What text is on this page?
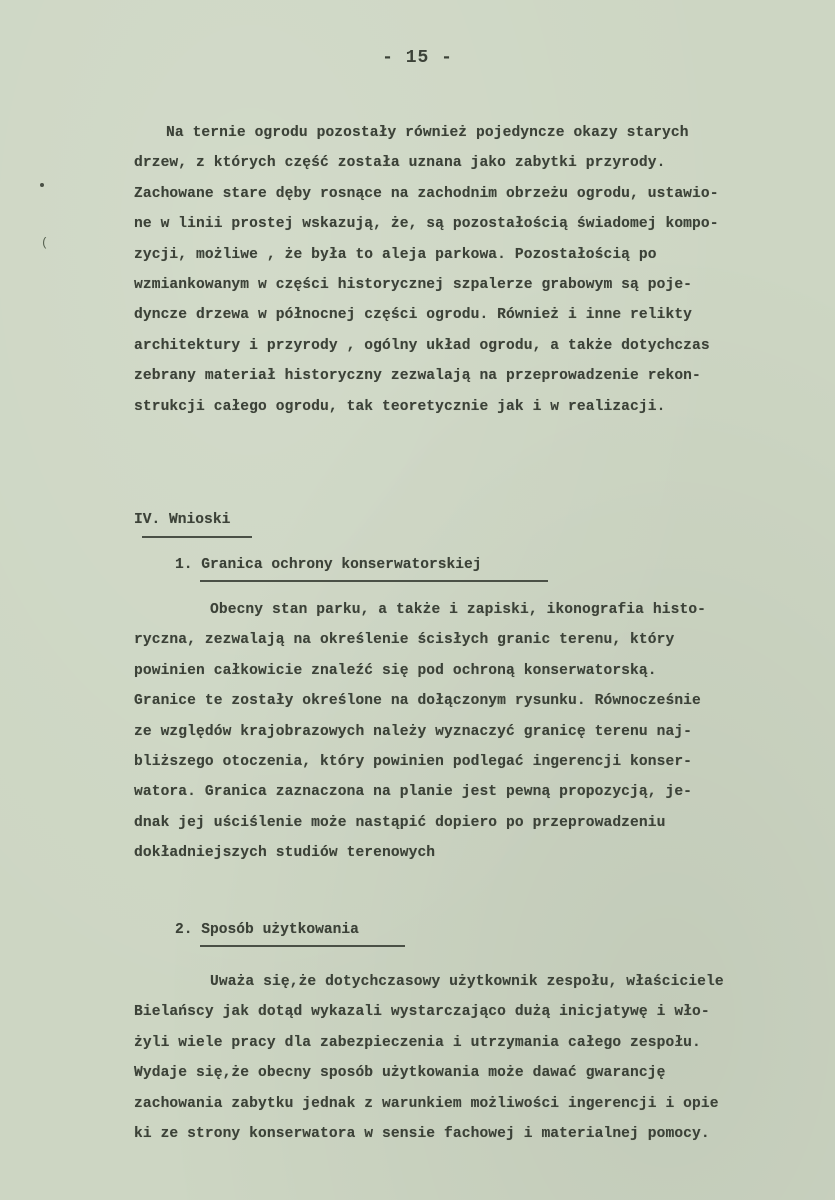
- 15 -
(
Na ternie ogrodu pozostały również pojedyncze okazy starych
drzew, z których część została uznana jako zabytki przyrody.
Zachowane stare dęby rosnące na zachodnim obrzeżu ogrodu, ustawio-
ne w linii prostej wskazują, że, są pozostałością świadomej kompo-
zycji, możliwe , że była to aleja parkowa. Pozostałością po
wzmiankowanym w części historycznej szpalerze grabowym są poje-
dyncze drzewa w północnej części ogrodu. Również i inne relikty
architektury i przyrody , ogólny układ ogrodu, a także dotychczas
zebrany materiał historyczny zezwalają na przeprowadzenie rekon-
strukcji całego ogrodu, tak teoretycznie jak i w realizacji.
IV. Wnioski
1. Granica ochrony konserwatorskiej
Obecny stan parku, a także i zapiski, ikonografia histo-
ryczna, zezwalają na określenie ścisłych granic terenu, który
powinien całkowicie znaleźć się pod ochroną konserwatorską.
Granice te zostały określone na dołączonym rysunku. Równocześnie
ze względów krajobrazowych należy wyznaczyć granicę terenu naj-
bliższego otoczenia, który powinien podlegać ingerencji konser-
watora. Granica zaznaczona na planie jest pewną propozycją, je-
dnak jej uściślenie może nastąpić dopiero po przeprowadzeniu
dokładniejszych studiów terenowych
2. Sposób użytkowania
Uważa się,że dotychczasowy użytkownik zespołu, właściciele
Bielańscy jak dotąd wykazali wystarczająco dużą inicjatywę i wło-
żyli wiele pracy dla zabezpieczenia i utrzymania całego zespołu.
Wydaje się,że obecny sposób użytkowania może dawać gwarancję
zachowania zabytku jednak z warunkiem możliwości ingerencji i opie
ki ze strony konserwatora w sensie fachowej i materialnej pomocy.
